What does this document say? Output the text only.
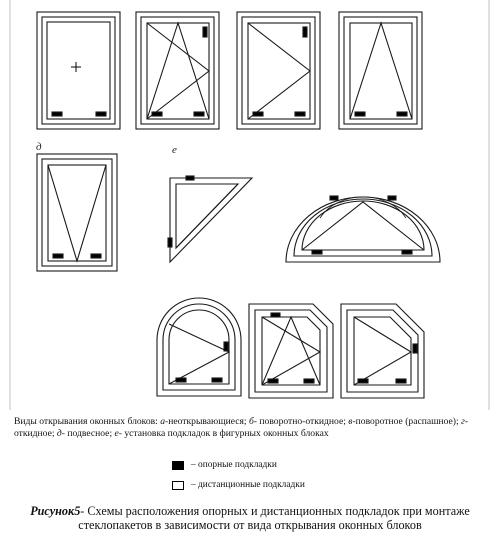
д	е
Виды открывания оконных блоков: а-неоткрывающиеся; б- поворотно-откидное; в-поворотное (распашное); г- откидное; д- подвесное; е- установка подкладок в фигурных оконных блоках
– опорные подкладки
– дистанционные подкладки
Рисунок5- Схемы расположения опорных и дистанционных подкладок при монтаже
стеклопакетов в зависимости от вида открывания оконных блоков
